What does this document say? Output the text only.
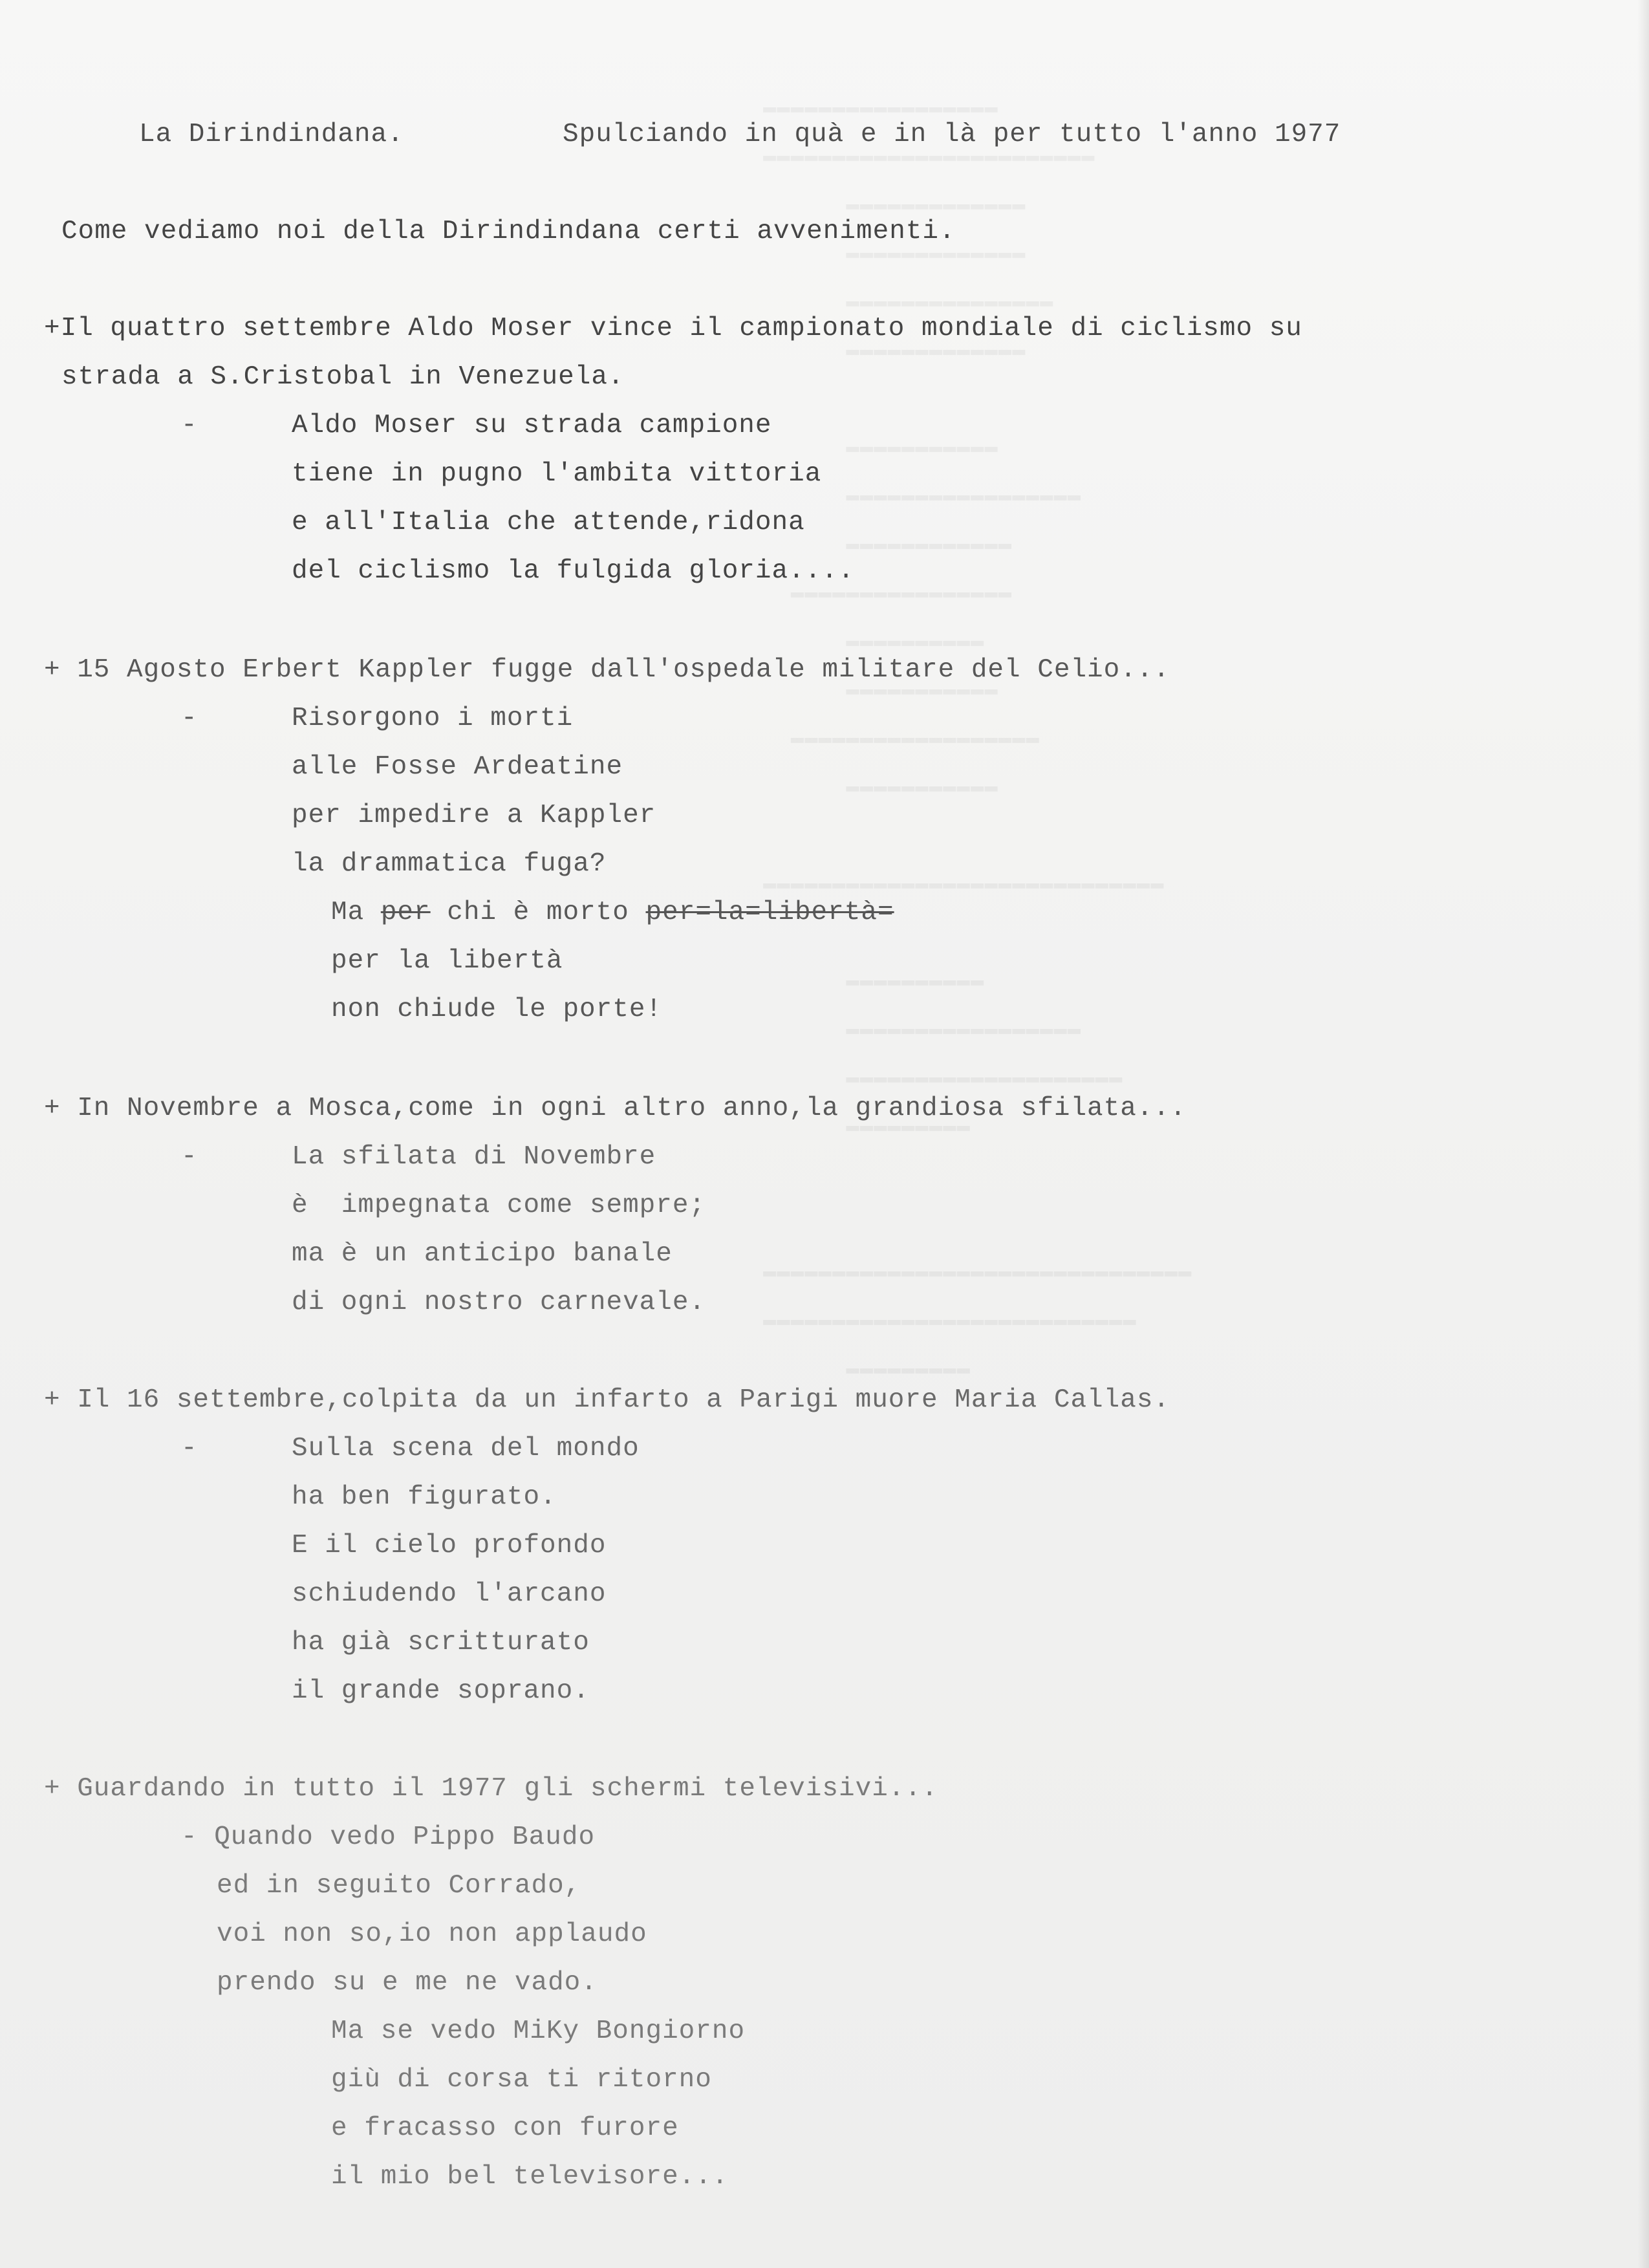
La Dirindindana.	Spulciando in quà e in là per tutto l'anno 1977
Come vediamo noi della Dirindindana certi avvenimenti.
+Il quattro settembre Aldo Moser vince il campionato mondiale di ciclismo su
strada a S.Cristobal in Venezuela.
-	Aldo Moser su strada campione
tiene in pugno l'ambita vittoria
e all'Italia che attende,ridona
del ciclismo la fulgida gloria....
+ 15 Agosto Erbert Kappler fugge dall'ospedale militare del Celio...
-	Risorgono i morti
alle Fosse Ardeatine
per impedire a Kappler
la drammatica fuga?
Ma per chi è morto per=la=libertà=
per la libertà
non chiude le porte!
+ In Novembre a Mosca,come in ogni altro anno,la grandiosa sfilata...
-	La sfilata di Novembre
è  impegnata come sempre;
ma è un anticipo banale
di ogni nostro carnevale.
+ Il 16 settembre,colpita da un infarto a Parigi muore Maria Callas.
-	Sulla scena del mondo
ha ben figurato.
E il cielo profondo
schiudendo l'arcano
ha già scritturato
il grande soprano.
+ Guardando in tutto il 1977 gli schermi televisivi...
- Quando vedo Pippo Baudo
ed in seguito Corrado,
voi non so,io non applaudo
prendo su e me ne vado.
Ma se vedo MiKy Bongiorno
giù di corsa ti ritorno
e fracasso con furore
il mio bel televisore...
